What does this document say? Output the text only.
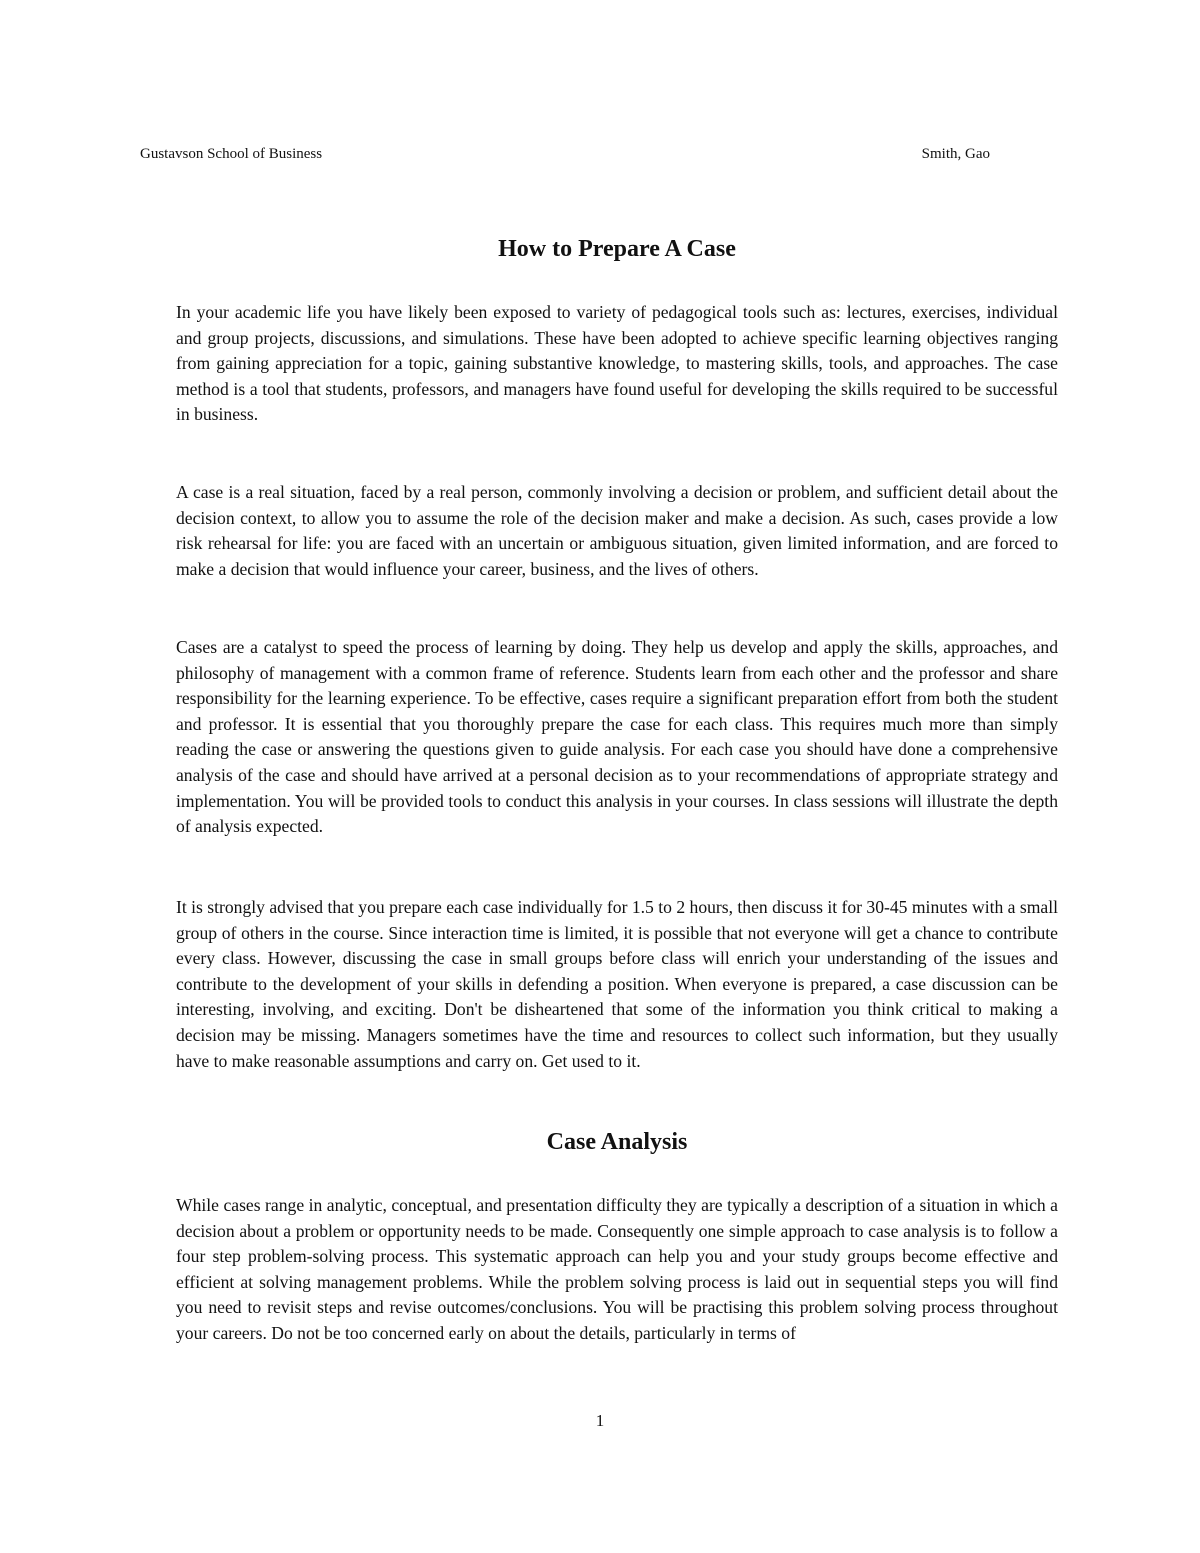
Gustavson School of Business	Smith, Gao
How to Prepare A Case

In your academic life you have likely been exposed to variety of pedagogical tools such as: lectures, exercises, individual and group projects, discussions, and simulations. These have been adopted to achieve specific learning objectives ranging from gaining appreciation for a topic, gaining substantive knowledge, to mastering skills, tools, and approaches. The case method is a tool that students, professors, and managers have found useful for developing the skills required to be successful in business.

A case is a real situation, faced by a real person, commonly involving a decision or problem, and sufficient detail about the decision context, to allow you to assume the role of the decision maker and make a decision. As such, cases provide a low risk rehearsal for life: you are faced with an uncertain or ambiguous situation, given limited information, and are forced to make a decision that would influence your career, business, and the lives of others.

Cases are a catalyst to speed the process of learning by doing. They help us develop and apply the skills, approaches, and philosophy of management with a common frame of reference. Students learn from each other and the professor and share responsibility for the learning experience. To be effective, cases require a significant preparation effort from both the student and professor. It is essential that you thoroughly prepare the case for each class. This requires much more than simply reading the case or answering the questions given to guide analysis. For each case you should have done a comprehensive analysis of the case and should have arrived at a personal decision as to your recommendations of appropriate strategy and implementation. You will be provided tools to conduct this analysis in your courses. In class sessions will illustrate the depth of analysis expected.

It is strongly advised that you prepare each case individually for 1.5 to 2 hours, then discuss it for 30-45 minutes with a small group of others in the course. Since interaction time is limited, it is possible that not everyone will get a chance to contribute every class. However, discussing the case in small groups before class will enrich your understanding of the issues and contribute to the development of your skills in defending a position. When everyone is prepared, a case discussion can be interesting, involving, and exciting. Don't be disheartened that some of the information you think critical to making a decision may be missing. Managers sometimes have the time and resources to collect such information, but they usually have to make reasonable assumptions and carry on. Get used to it.

Case Analysis

While cases range in analytic, conceptual, and presentation difficulty they are typically a description of a situation in which a decision about a problem or opportunity needs to be made. Consequently one simple approach to case analysis is to follow a four step problem-solving process. This systematic approach can help you and your study groups become effective and efficient at solving management problems. While the problem solving process is laid out in sequential steps you will find you need to revisit steps and revise outcomes/conclusions. You will be practising this problem solving process throughout your careers. Do not be too concerned early on about the details, particularly in terms of

1
